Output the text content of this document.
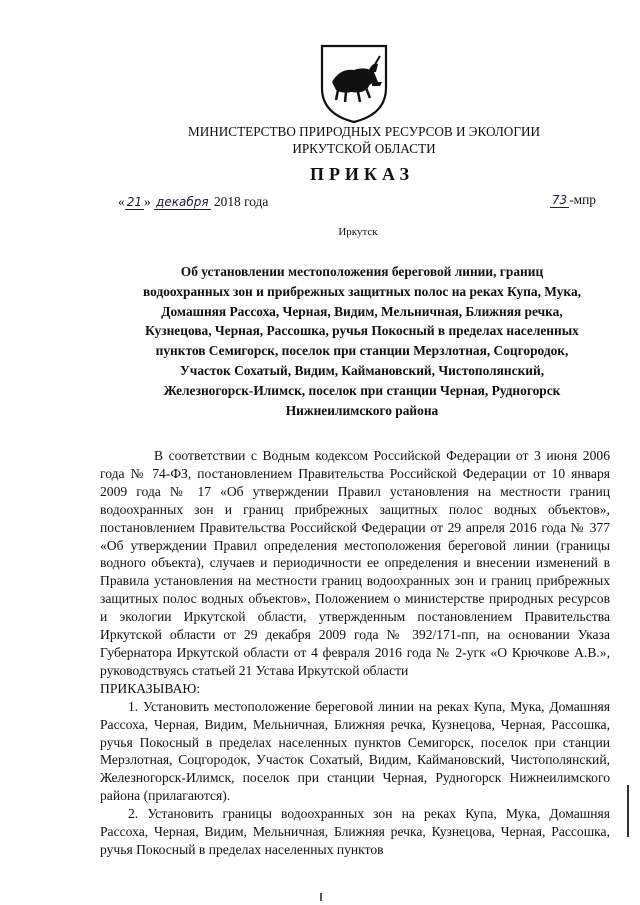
МИНИСТЕРСТВО ПРИРОДНЫХ РЕСУРСОВ И ЭКОЛОГИИ
ИРКУТСКОЙ ОБЛАСТИ
ПРИКАЗ
« 21 » декабря 2018 года	73 -мпр
Иркутск
Об установлении местоположения береговой линии, границ
водоохранных зон и прибрежных защитных полос на реках Купа, Мука,
Домашняя Рассоха, Черная, Видим, Мельничная, Ближняя речка,
Кузнецова, Черная, Рассошка, ручья Покосный в пределах населенных
пунктов Семигорск, поселок при станции Мерзлотная, Соцгородок,
Участок Сохатый, Видим, Каймановский, Чистополянский,
Железногорск-Илимск, поселок при станции Черная, Рудногорск
Нижнеилимского района

В соответствии с Водным кодексом Российской Федерации от 3 июня 2006 года № 74-ФЗ, постановлением Правительства Российской Федерации от 10 января 2009 года № 17 «Об утверждении Правил установления на местности границ водоохранных зон и границ прибрежных защитных полос водных объектов», постановлением Правительства Российской Федерации от 29 апреля 2016 года № 377 «Об утверждении Правил определения местоположения береговой линии (границы водного объекта), случаев и периодичности ее определения и внесении изменений в Правила установления на местности границ водоохранных зон и границ прибрежных защитных полос водных объектов», Положением о министерстве природных ресурсов и экологии Иркутской области, утвержденным постановлением Правительства Иркутской области от 29 декабря 2009 года № 392/171-пп, на основании Указа Губернатора Иркутской области от 4 февраля 2016 года № 2-угк «О Крючкове А.В.», руководствуясь статьей 21 Устава Иркутской области

ПРИКАЗЫВАЮ:

1. Установить местоположение береговой линии на реках Купа, Мука, Домашняя Рассоха, Черная, Видим, Мельничная, Ближняя речка, Кузнецова, Черная, Рассошка, ручья Покосный в пределах населенных пунктов Семигорск, поселок при станции Мерзлотная, Соцгородок, Участок Сохатый, Видим, Каймановский, Чистополянский, Железногорск-Илимск, поселок при станции Черная, Рудногорск Нижнеилимского района (прилагаются).

2. Установить границы водоохранных зон на реках Купа, Мука, Домашняя Рассоха, Черная, Видим, Мельничная, Ближняя речка, Кузнецова, Черная, Рассошка, ручья Покосный в пределах населенных пунктов
